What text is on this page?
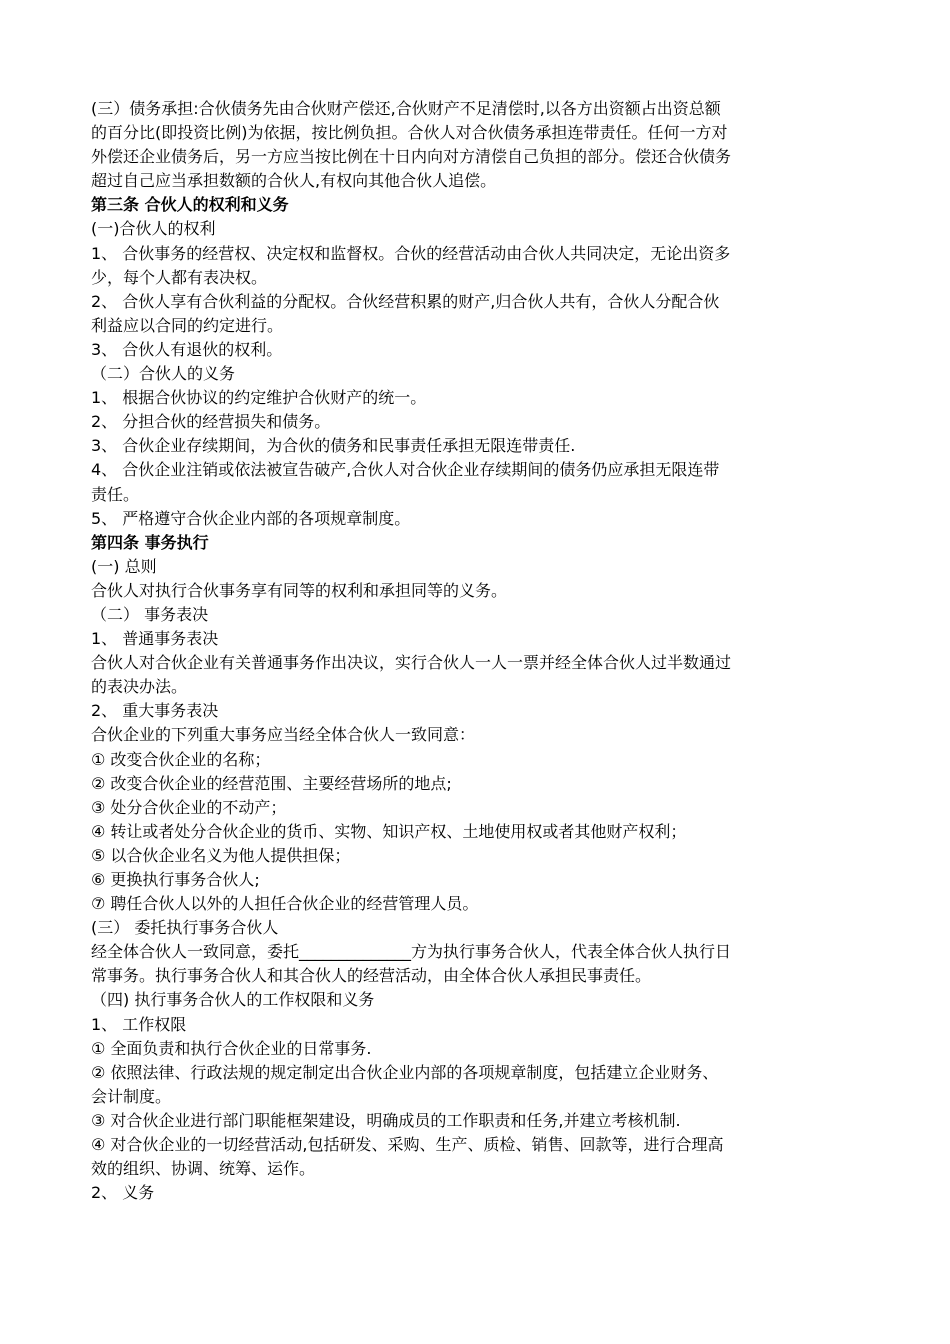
(三）债务承担:合伙债务先由合伙财产偿还,合伙财产不足清偿时,以各方出资额占出资总额
的百分比(即投资比例)为依据，按比例负担。合伙人对合伙债务承担连带责任。任何一方对
外偿还企业债务后，另一方应当按比例在十日内向对方清偿自己负担的部分。偿还合伙债务
超过自己应当承担数额的合伙人,有权向其他合伙人追偿。
第三条 合伙人的权利和义务
(一)合伙人的权利
1、 合伙事务的经营权、决定权和监督权。合伙的经营活动由合伙人共同决定，无论出资多
少，每个人都有表决权。
2、 合伙人享有合伙利益的分配权。合伙经营积累的财产,归合伙人共有，合伙人分配合伙
利益应以合同的约定进行。
3、 合伙人有退伙的权利。
（二）合伙人的义务
1、 根据合伙协议的约定维护合伙财产的统一。
2、 分担合伙的经营损失和债务。
3、 合伙企业存续期间，为合伙的债务和民事责任承担无限连带责任.
4、 合伙企业注销或依法被宣告破产,合伙人对合伙企业存续期间的债务仍应承担无限连带
责任。
5、 严格遵守合伙企业内部的各项规章制度。
第四条 事务执行
(一) 总则
合伙人对执行合伙事务享有同等的权利和承担同等的义务。
（二） 事务表决
1、 普通事务表决
合伙人对合伙企业有关普通事务作出决议，实行合伙人一人一票并经全体合伙人过半数通过
的表决办法。
2、 重大事务表决
合伙企业的下列重大事务应当经全体合伙人一致同意：
① 改变合伙企业的名称；
② 改变合伙企业的经营范围、主要经营场所的地点;
③ 处分合伙企业的不动产；
④ 转让或者处分合伙企业的货币、实物、知识产权、土地使用权或者其他财产权利；
⑤ 以合伙企业名义为他人提供担保；
⑥ 更换执行事务合伙人;
⑦ 聘任合伙人以外的人担任合伙企业的经营管理人员。
(三） 委托执行事务合伙人
经全体合伙人一致同意，委托______________方为执行事务合伙人，代表全体合伙人执行日
常事务。执行事务合伙人和其合伙人的经营活动，由全体合伙人承担民事责任。
（四) 执行事务合伙人的工作权限和义务
1、 工作权限
① 全面负责和执行合伙企业的日常事务.
② 依照法律、行政法规的规定制定出合伙企业内部的各项规章制度，包括建立企业财务、
会计制度。
③ 对合伙企业进行部门职能框架建设，明确成员的工作职责和任务,并建立考核机制.
④ 对合伙企业的一切经营活动,包括研发、采购、生产、质检、销售、回款等，进行合理高
效的组织、协调、统筹、运作。
2、 义务
